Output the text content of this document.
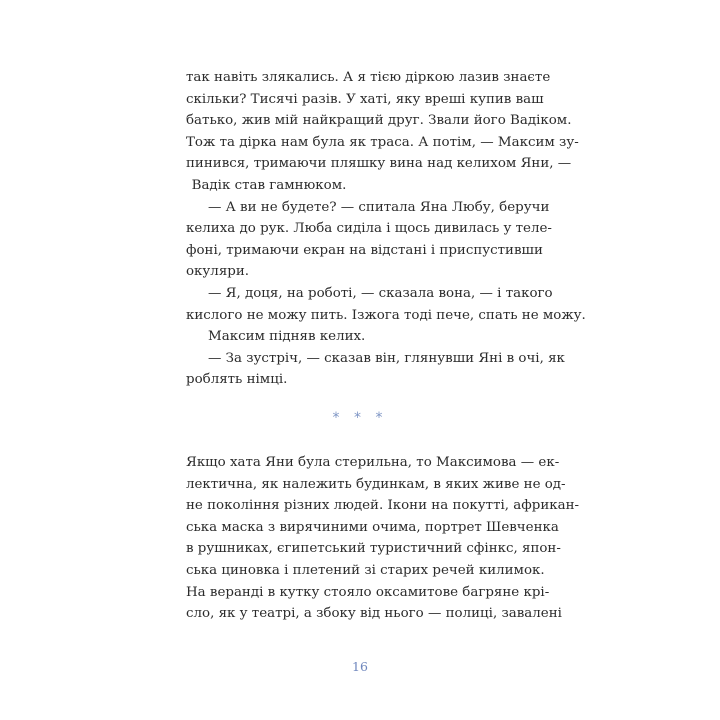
так навіть злякались. А я тією діркою лазив знаєте
скільки? Тисячі разів. У хаті, яку вреші купив ваш
батько, жив мій найкращий друг. Звали його Вадіком.
Тож та дірка нам була як траса. А потім, — Максим зу-
пинився, тримаючи пляшку вина над келихом Яни, —
Вадік став гамнюком.
— А ви не будете? — спитала Яна Любу, беручи
келиха до рук. Люба сиділа і щось дивилась у теле-
фоні, тримаючи екран на відстані і приспустивши
окуляри.
— Я, доця, на роботі, — сказала вона, — і такого
кислого не можу пить. Ізжога тоді пече, спать не можу.
Максим підняв келих.
— За зустріч, — сказав він, глянувши Яні в очі, як
роблять німці.
* * *
Якщо хата Яни була стерильна, то Максимова — ек-
лектична, як належить будинкам, в яких живе не од-
не покоління різних людей. Ікони на покутті, африкан-
ська маска з вирячиними очима, портрет Шевченка
в рушниках, єгипетський туристичний сфінкс, япон-
ська циновка і плетений зі старих речей килимок.
На веранді в кутку стояло оксамитове багряне крі-
сло, як у театрі, а збоку від нього — полиці, завалені
16
